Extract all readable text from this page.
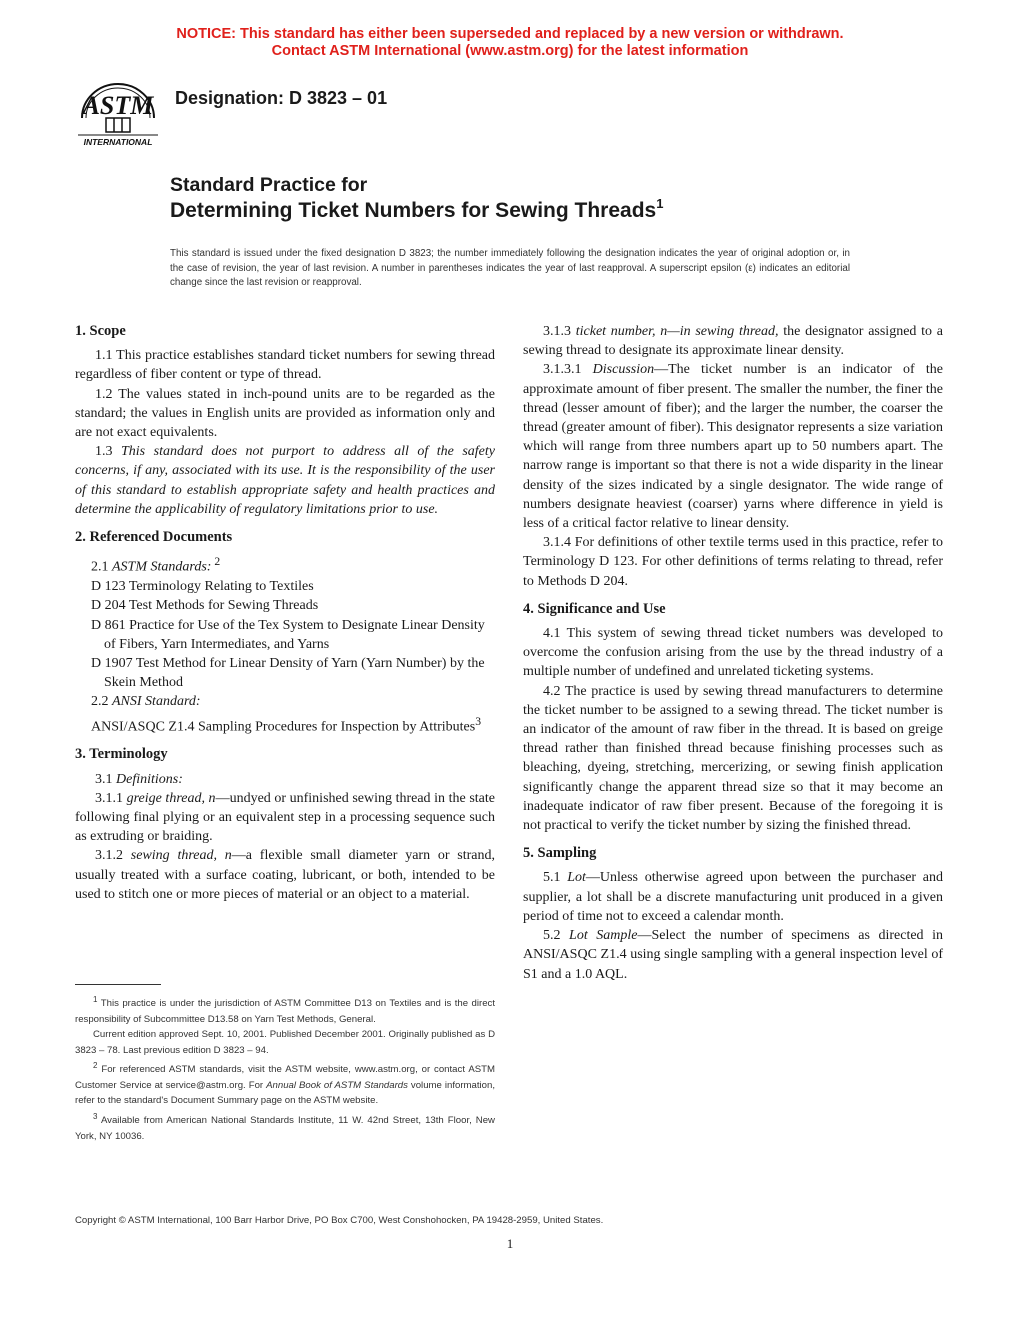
NOTICE: This standard has either been superseded and replaced by a new version or withdrawn.
Contact ASTM International (www.astm.org) for the latest information
ASTM
INTERNATIONAL
Designation: D 3823 – 01
Standard Practice for
Determining Ticket Numbers for Sewing Threads$^1$
This standard is issued under the fixed designation D 3823; the number immediately following the designation indicates the year of original adoption or, in the case of revision, the year of last revision. A number in parentheses indicates the year of last reapproval. A superscript epsilon (ε) indicates an editorial change since the last revision or reapproval.
1. Scope

1.1 This practice establishes standard ticket numbers for sewing thread regardless of fiber content or type of thread.

1.2 The values stated in inch-pound units are to be regarded as the standard; the values in English units are provided as information only and are not exact equivalents.

1.3 This standard does not purport to address all of the safety concerns, if any, associated with its use. It is the responsibility of the user of this standard to establish appropriate safety and health practices and determine the applicability of regulatory limitations prior to use.

2. Referenced Documents

2.1 ASTM Standards: $^2$

D 123 Terminology Relating to Textiles

D 204 Test Methods for Sewing Threads

D 861 Practice for Use of the Tex System to Designate Linear Density of Fibers, Yarn Intermediates, and Yarns

D 1907 Test Method for Linear Density of Yarn (Yarn Number) by the Skein Method

2.2 ANSI Standard:

ANSI/ASQC Z1.4 Sampling Procedures for Inspection by Attributes$^3$

3. Terminology

3.1 Definitions:

3.1.1 greige thread, n—undyed or unfinished sewing thread in the state following final plying or an equivalent step in a processing sequence such as extruding or braiding.

3.1.2 sewing thread, n—a flexible small diameter yarn or strand, usually treated with a surface coating, lubricant, or both, intended to be used to stitch one or more pieces of material or an object to a material.

3.1.3 ticket number, n—in sewing thread, the designator assigned to a sewing thread to designate its approximate linear density.

3.1.3.1 Discussion—The ticket number is an indicator of the approximate amount of fiber present. The smaller the number, the finer the thread (lesser amount of fiber); and the larger the number, the coarser the thread (greater amount of fiber). This designator represents a size variation which will range from three numbers apart up to 50 numbers apart. The narrow range is important so that there is not a wide disparity in the linear density of the sizes indicated by a single designator. The wide range of numbers designate heaviest (coarser) yarns where difference in yield is less of a critical factor relative to linear density.

3.1.4 For definitions of other textile terms used in this practice, refer to Terminology D 123. For other definitions of terms relating to thread, refer to Methods D 204.

4. Significance and Use

4.1 This system of sewing thread ticket numbers was developed to overcome the confusion arising from the use by the thread industry of a multiple number of undefined and unrelated ticketing systems.

4.2 The practice is used by sewing thread manufacturers to determine the ticket number to be assigned to a sewing thread. The ticket number is an indicator of the amount of raw fiber in the thread. It is based on greige thread rather than finished thread because finishing processes such as bleaching, dyeing, stretching, mercerizing, or sewing finish application significantly change the apparent thread size so that it may become an inadequate indicator of raw fiber present. Because of the foregoing it is not practical to verify the ticket number by sizing the finished thread.

5. Sampling

5.1 Lot—Unless otherwise agreed upon between the purchaser and supplier, a lot shall be a discrete manufacturing unit produced in a given period of time not to exceed a calendar month.

5.2 Lot Sample—Select the number of specimens as directed in ANSI/ASQC Z1.4 using single sampling with a general inspection level of S1 and a 1.0 AQL.

$^1$ This practice is under the jurisdiction of ASTM Committee D13 on Textiles and is the direct responsibility of Subcommittee D13.58 on Yarn Test Methods, General.

Current edition approved Sept. 10, 2001. Published December 2001. Originally published as D 3823 – 78. Last previous edition D 3823 – 94.

$^2$ For referenced ASTM standards, visit the ASTM website, www.astm.org, or contact ASTM Customer Service at service@astm.org. For Annual Book of ASTM Standards volume information, refer to the standard's Document Summary page on the ASTM website.

$^3$ Available from American National Standards Institute, 11 W. 42nd Street, 13th Floor, New York, NY 10036.

Copyright © ASTM International, 100 Barr Harbor Drive, PO Box C700, West Conshohocken, PA 19428-2959, United States.
1
